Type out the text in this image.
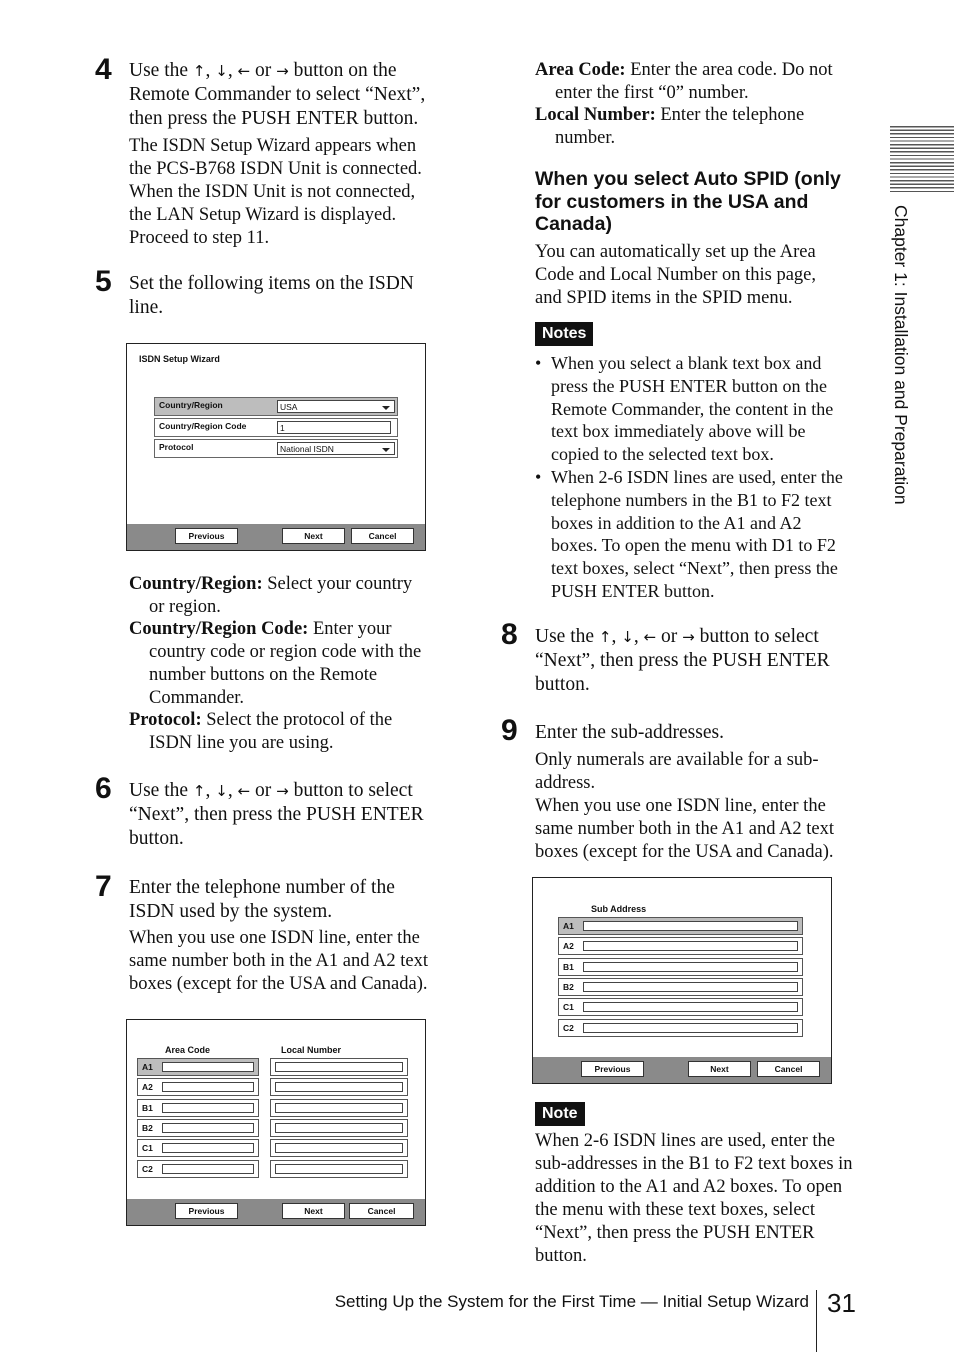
Chapter 1: Installation and Preparation
4 Use the ↑, ↓, ← or → button on the

Remote Commander to select “Next”,

then press the PUSH ENTER button.

The ISDN Setup Wizard appears when

the PCS-B768 ISDN Unit is connected.

When the ISDN Unit is not connected,

the LAN Setup Wizard is displayed.

Proceed to step 11.

5 Set the following items on the ISDN

line.

ISDN Setup Wizard
Country/Region	USA
Country/Region Code	1
Protocol	National ISDN
Previous	Next	Cancel

Country/Region: Select your country

or region.

Country/Region Code: Enter your

country code or region code with the

number buttons on the Remote

Commander.

Protocol: Select the protocol of the

ISDN line you are using.

6 Use the ↑, ↓, ← or → button to select

“Next”, then press the PUSH ENTER

button.

7 Enter the telephone number of the

ISDN used by the system.

When you use one ISDN line, enter the

same number both in the A1 and A2 text

boxes (except for the USA and Canada).

Area Code	Local Number
A1
A2
B1
B2
C1
C2
Previous	Next	Cancel

Area Code: Enter the area code. Do not

enter the first “0” number.

Local Number: Enter the telephone

number.

When you select Auto SPID (only

for customers in the USA and

Canada)

You can automatically set up the Area

Code and Local Number on this page,

and SPID items in the SPID menu.

Notes
• When you select a blank text box and
press the PUSH ENTER button on the
Remote Commander, the content in the
text box immediately above will be
copied to the selected text box.
• When 2-6 ISDN lines are used, enter the
telephone numbers in the B1 to F2 text
boxes in addition to the A1 and A2
boxes. To open the menu with D1 to F2
text boxes, select “Next”, then press the
PUSH ENTER button.
8 Use the ↑, ↓, ← or → button to select

“Next”, then press the PUSH ENTER

button.

9 Enter the sub-addresses.

Only numerals are available for a sub-

address.

When you use one ISDN line, enter the

same number both in the A1 and A2 text

boxes (except for the USA and Canada).

Sub Address
A1
A2
B1
B2
C1
C2
Previous	Next	Cancel
Note

When 2-6 ISDN lines are used, enter the

sub-addresses in the B1 to F2 text boxes in

addition to the A1 and A2 boxes. To open

the menu with these text boxes, select

“Next”, then press the PUSH ENTER

button.

Setting Up the System for the First Time — Initial Setup Wizard 31
